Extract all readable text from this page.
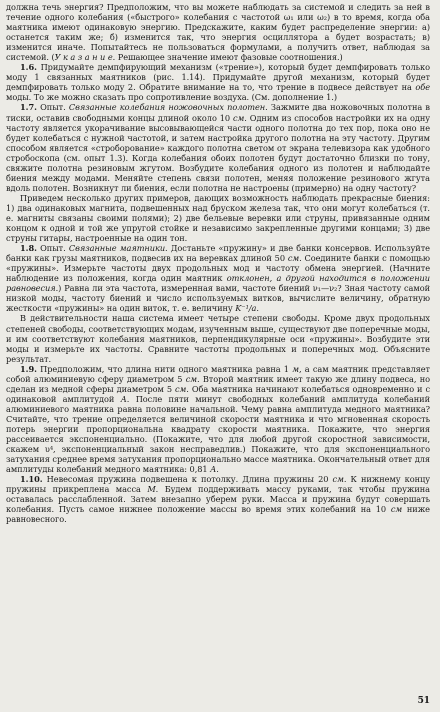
должна течь энергия? Предположим, что вы можете наблюдать за системой и следить за ней в течение одного колебания («быстрого» колебания с частотой ω₁ или ω₂) в то время, когда оба маятника имеют одинаковую энергию. Предскажите, каким будет распределение энергии: а) останется таким же; б) изменится так, что энергия осциллятора а будет возрастать; в) изменится иначе. Попытайтесь не пользоваться формулами, а получить ответ, наблюдая за системой. (У к а з а н и е. Решающее значение имеют фазовые соотношения.)

1.6. Придумайте демпфирующий механизм («трение»), который будет демпфировать только моду 1 связанных маятников (рис. 1.14). Придумайте другой механизм, который будет демпфировать только моду 2. Обратите внимание на то, что трение в подвесе действует на обе моды. То же можно сказать про сопротивление воздуха. (См. дополнение 1.)

1.7. Опыт. Связанные колебания ножовочных полотен. Зажмите два ножовочных полотна в тиски, оставив свободными концы длиной около 10 см. Одним из способов настройки их на одну частоту является укорачивание высовывающейся части одного полотна до тех пор, пока оно не будет колебаться с нужной частотой, и затем настройка другого полотна на эту частоту. Другим способом является «строборование» каждого полотна светом от экрана телевизора как удобного стробоскопа (см. опыт 1.3). Когда колебания обоих полотен будут достаточно близки по тону, свяжите полотна резиновым жгутом. Возбудите колебания одного из полотен и наблюдайте биения между модами. Меняйте степень связи полотен, меняя положение резинового жгута вдоль полотен. Возникнут ли биения, если полотна не настроены (примерно) на одну частоту?

Приведем несколько других примеров, дающих возможность наблюдать прекрасные биения: 1) два одинаковых магнита, подвешенных над бруском железа так, что они могут колебаться (т. е. магниты связаны своими полями); 2) две бельевые веревки или струны, привязанные одним концом к одной и той же упругой стойке и независимо закрепленные другими концами; 3) две струны гитары, настроенные на один тон.

1.8. Опыт. Связанные маятники. Достаньте «пружину» и две банки консервов. Используйте банки как грузы маятников, подвесив их на веревках длиной 50 см. Соедините банки с помощью «пружины». Измерьте частоты двух продольных мод и частоту обмена энергией. (Начните наблюдение из положения, когда один маятник отклонен, а другой находится в положении равновесия.) Равна ли эта частота, измеренная вами, частоте биений ν₁—ν₂? Зная частоту самой низкой моды, частоту биений и число используемых витков, вычислите величину, обратную жесткости «пружины» на один виток, т. е. величину K⁻¹/a.

В действительности наша система имеет четыре степени свободы. Кроме двух продольных степеней свободы, соответствующих модам, изученным выше, существуют две поперечные моды, и им соответствуют колебания маятников, перпендикулярные оси «пружины». Возбудите эти моды и измерьте их частоты. Сравните частоты продольных и поперечных мод. Объясните результат.

1.9. Предположим, что длина нити одного маятника равна 1 м, а сам маятник представляет собой алюминиевую сферу диаметром 5 см. Второй маятник имеет такую же длину подвеса, но сделан из медной сферы диаметром 5 см. Оба маятника начинают колебаться одновременно и с одинаковой амплитудой А. После пяти минут свободных колебаний амплитуда колебаний алюминиевого маятника равна половине начальной. Чему равна амплитуда медного маятника? Считайте, что трение определяется величиной скорости маятника и что мгновенная скорость потерь энергии пропорциональна квадрату скорости маятника. Покажите, что энергия рассеивается экспоненциально. (Покажите, что для любой другой скоростной зависимости, скажем υ⁴, экспоненциальный закон несправедлив.) Покажите, что для экспоненциального затухания среднее время затухания пропорционально массе маятника. Окончательный ответ для амплитуды колебаний медного маятника: 0,81 А.

1.10. Невесомая пружина подвешена к потолку. Длина пружины 20 см. К нижнему концу пружины прикреплена масса М. Будем поддерживать массу руками, так чтобы пружина оставалась расслабленной. Затем внезапно уберем руки. Масса и пружина будут совершать колебания. Пусть самое нижнее положение массы во время этих колебаний на 10 см ниже равновесного.

51
